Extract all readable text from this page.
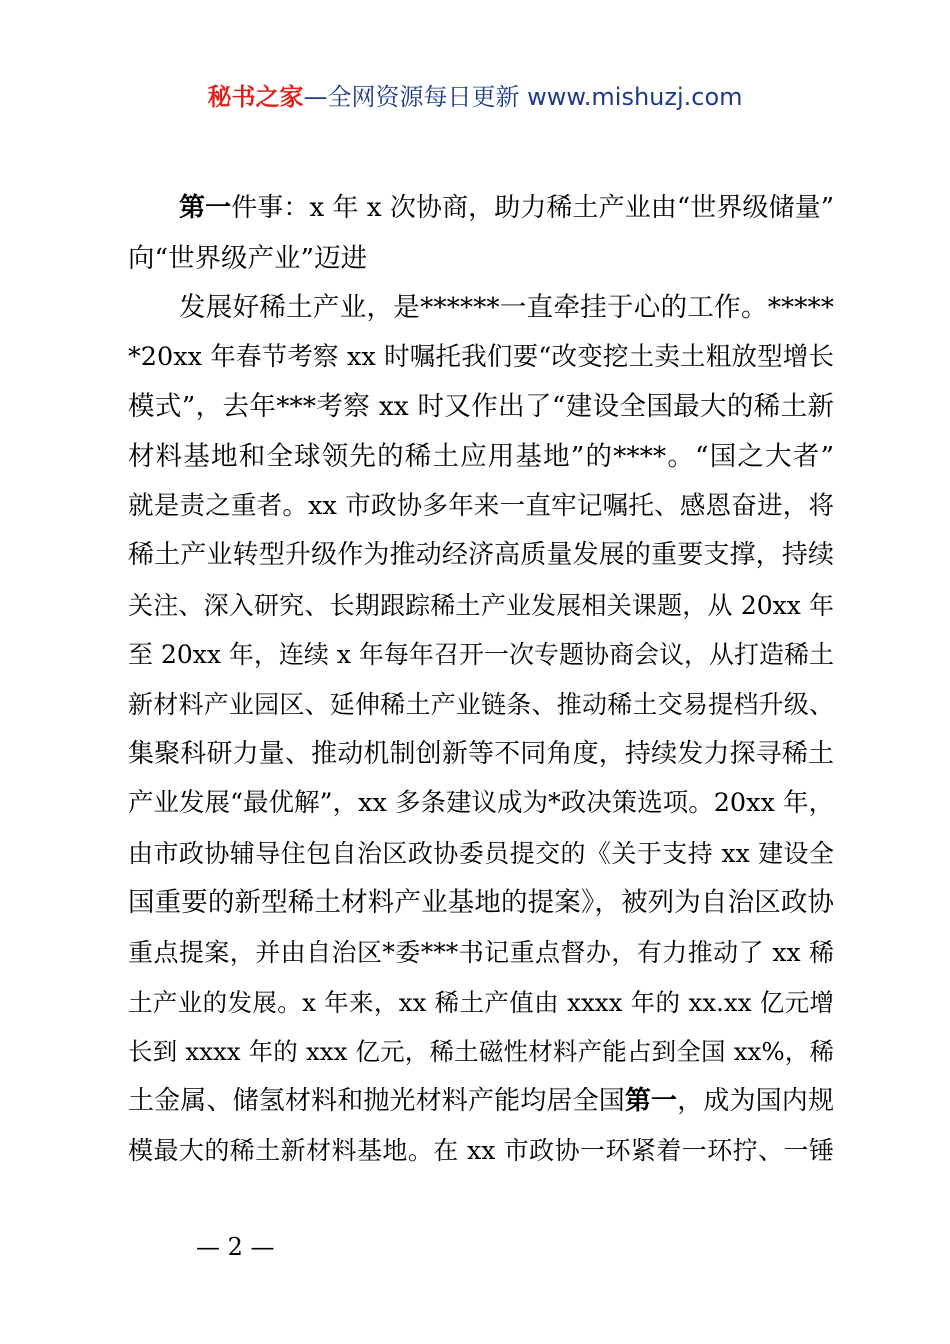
秘书之家—全网资源每日更新 www.mishuzj.com
第一件事：x 年 x 次协商，助力稀土产业由“世界级储量”
向“世界级产业”迈进
发展好稀土产业，是******一直牵挂于心的工作。*****
*20xx 年春节考察 xx 时嘱托我们要“改变挖土卖土粗放型增长
模式”，去年***考察 xx 时又作出了“建设全国最大的稀土新
材料基地和全球领先的稀土应用基地”的****。“国之大者”
就是责之重者。xx 市政协多年来一直牢记嘱托、感恩奋进，将
稀土产业转型升级作为推动经济高质量发展的重要支撑，持续
关注、深入研究、长期跟踪稀土产业发展相关课题，从 20xx 年
至 20xx 年，连续 x 年每年召开一次专题协商会议，从打造稀土
新材料产业园区、延伸稀土产业链条、推动稀土交易提档升级、
集聚科研力量、推动机制创新等不同角度，持续发力探寻稀土
产业发展“最优解”，xx 多条建议成为*政决策选项。20xx 年，
由市政协辅导住包自治区政协委员提交的《关于支持 xx 建设全
国重要的新型稀土材料产业基地的提案》，被列为自治区政协
重点提案，并由自治区*委***书记重点督办，有力推动了 xx 稀
土产业的发展。x 年来，xx 稀土产值由 xxxx 年的 xx.xx 亿元增
长到 xxxx 年的 xxx 亿元，稀土磁性材料产能占到全国 xx%，稀
土金属、储氢材料和抛光材料产能均居全国第一，成为国内规
模最大的稀土新材料基地。在 xx 市政协一环紧着一环拧、一锤
— 2 —
